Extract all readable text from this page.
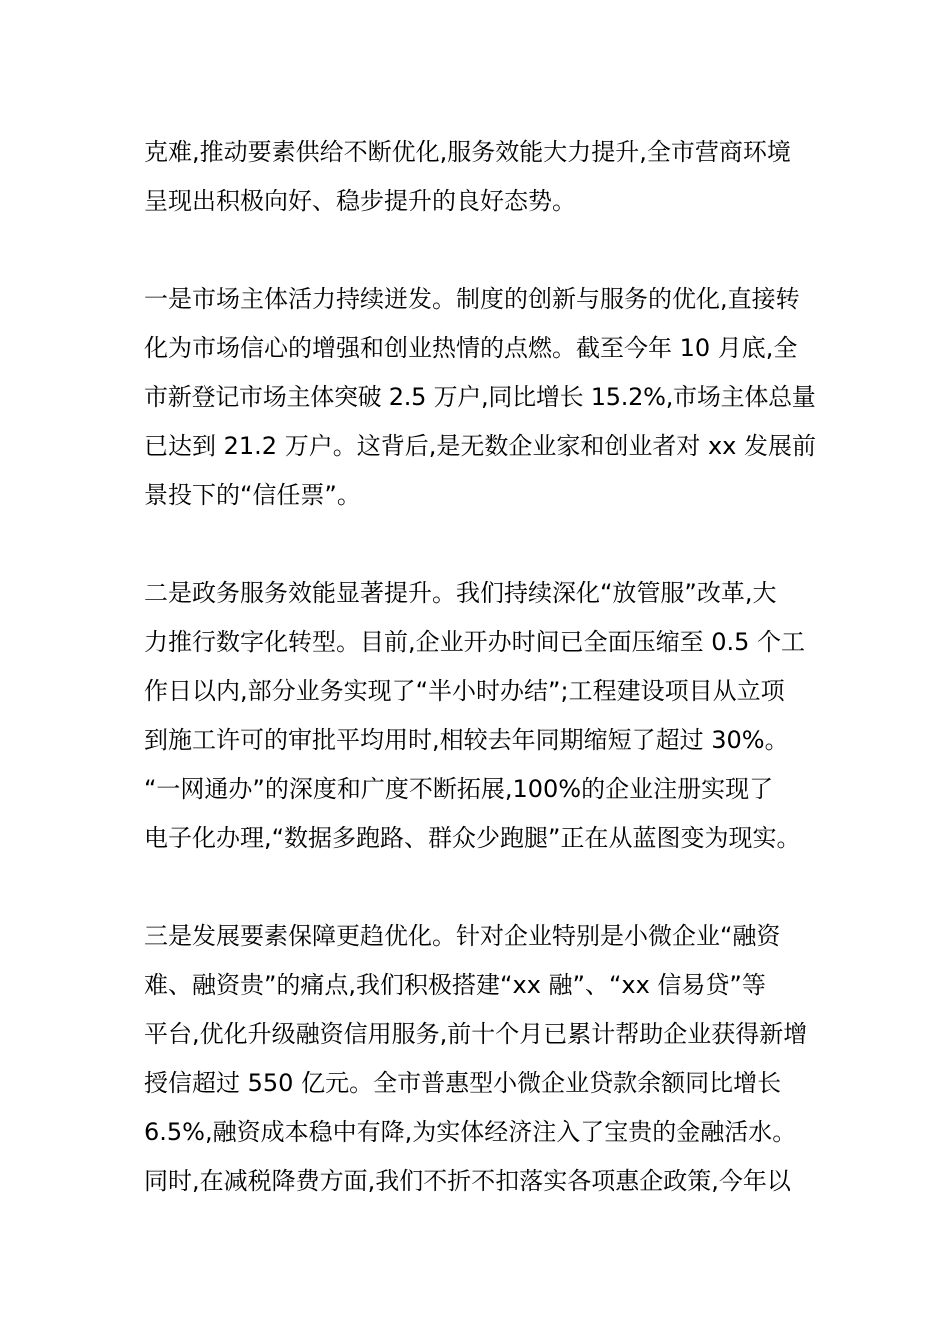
克难,推动要素供给不断优化,服务效能大力提升,全市营商环境
呈现出积极向好、稳步提升的良好态势。

一是市场主体活力持续迸发。制度的创新与服务的优化,直接转
化为市场信心的增强和创业热情的点燃。截至今年 10 月底,全
市新登记市场主体突破 2.5 万户,同比增长 15.2%,市场主体总量
已达到 21.2 万户。这背后,是无数企业家和创业者对 xx 发展前
景投下的“信任票”。

二是政务服务效能显著提升。我们持续深化“放管服”改革,大
力推行数字化转型。目前,企业开办时间已全面压缩至 0.5 个工
作日以内,部分业务实现了“半小时办结”;工程建设项目从立项
到施工许可的审批平均用时,相较去年同期缩短了超过 30%。
“一网通办”的深度和广度不断拓展,100%的企业注册实现了
电子化办理,“数据多跑路、群众少跑腿”正在从蓝图变为现实。

三是发展要素保障更趋优化。针对企业特别是小微企业“融资
难、融资贵”的痛点,我们积极搭建“xx 融”、“xx 信易贷”等
平台,优化升级融资信用服务,前十个月已累计帮助企业获得新增
授信超过 550 亿元。全市普惠型小微企业贷款余额同比增长
6.5%,融资成本稳中有降,为实体经济注入了宝贵的金融活水。
同时,在减税降费方面,我们不折不扣落实各项惠企政策,今年以
